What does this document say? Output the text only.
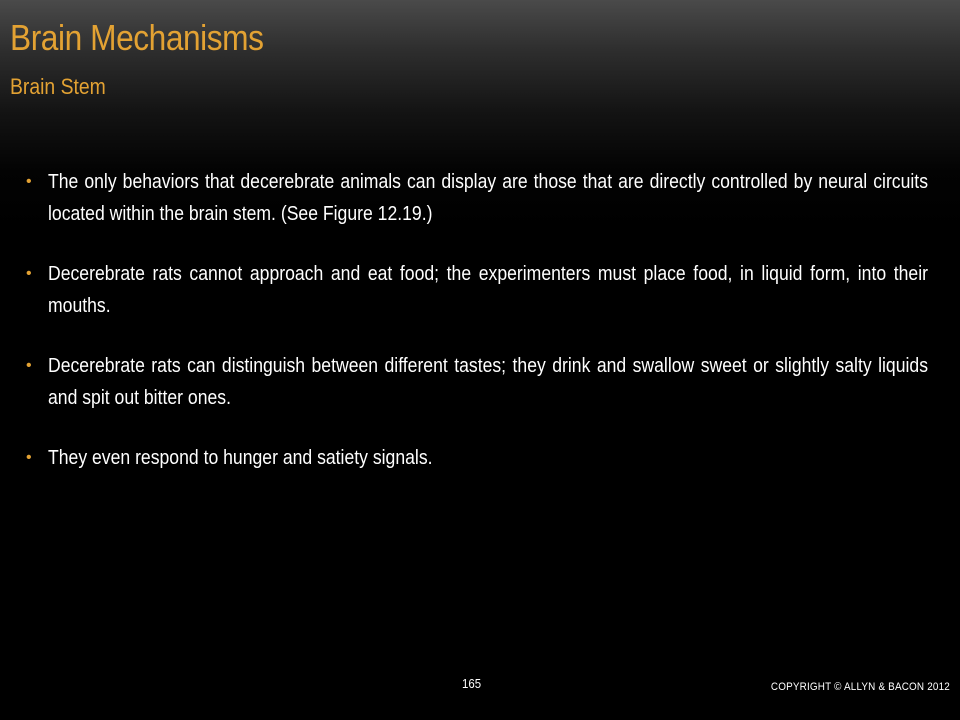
Brain Mechanisms
Brain Stem
• The only behaviors that decerebrate animals can display are those that are directly controlled by neural circuits located within the brain stem. (See Figure 12.19.)
• Decerebrate rats cannot approach and eat food; the experimenters must place food, in liquid form, into their mouths.
• Decerebrate rats can distinguish between different tastes; they drink and swallow sweet or slightly salty liquids and spit out bitter ones.
• They even respond to hunger and satiety signals.
165	COPYRIGHT © ALLYN & BACON 2012
